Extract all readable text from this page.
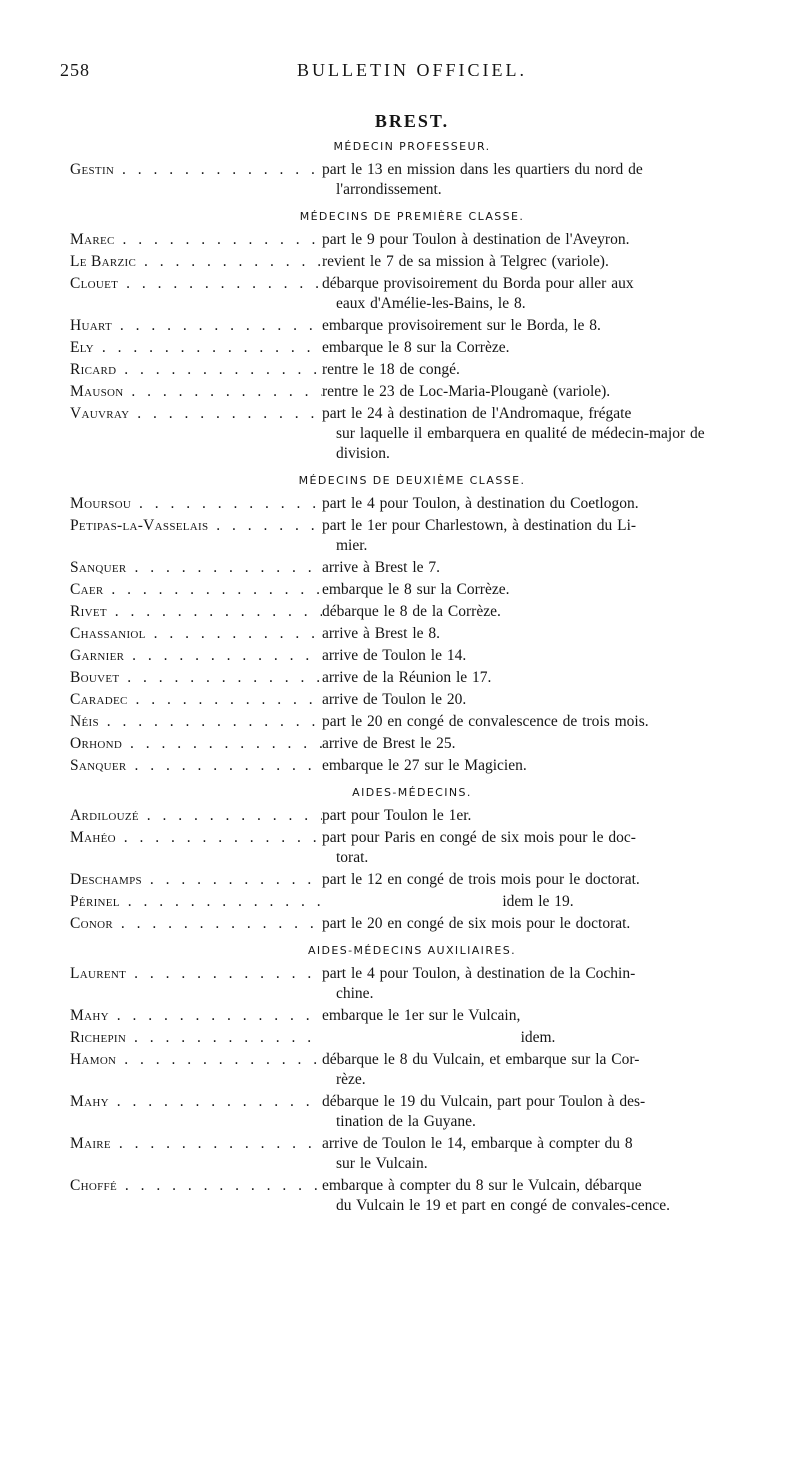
258	BULLETIN OFFICIEL.
BREST.
MÉDECIN PROFESSEUR.
Gestin . . .	part le 13 en mission dans les quartiers du nord de
l'arrondissement.
MÉDECINS DE PREMIÈRE CLASSE.
Marec . . .	part le 9 pour Toulon à destination de l'Aveyron.
Le Barzic . . .	revient le 7 de sa mission à Telgrec (variole).
Clouet . . .	débarque provisoirement du Borda pour aller aux
eaux d'Amélie-les-Bains, le 8.
Huart . . .	embarque provisoirement sur le Borda, le 8.
Ely . . .	embarque le 8 sur la Corrèze.
Ricard . . .	rentre le 18 de congé.
Mauson . . .	rentre le 23 de Loc-Maria-Plouganè (variole).
Vauvray . . .	part le 24 à destination de l'Andromaque, frégate
sur laquelle il embarquera en qualité de médecin-major de division.
MÉDECINS DE DEUXIÈME CLASSE.
Moursou . . .	part le 4 pour Toulon, à destination du Coetlogon.
Petipas-la-Vasselais . . .	part le 1er pour Charlestown, à destination du Li-
mier.
Sanquer . . .	arrive à Brest le 7.
Caer . . .	embarque le 8 sur la Corrèze.
Rivet . . .	débarque le 8 de la Corrèze.
Chassaniol . . .	arrive à Brest le 8.
Garnier . . .	arrive de Toulon le 14.
Bouvet . . .	arrive de la Réunion le 17.
Caradec . . .	arrive de Toulon le 20.
Néis . . .	part le 20 en congé de convalescence de trois mois.
Orhond . . .	arrive de Brest le 25.
Sanquer . . .	embarque le 27 sur le Magicien.
AIDES-MÉDECINS.
Ardilouzé . . .	part pour Toulon le 1er.
Mahéo . . .	part pour Paris en congé de six mois pour le doc-
torat.
Deschamps . . .	part le 12 en congé de trois mois pour le doctorat.
Périnel . . .	idem le 19.
Conor . . .	part le 20 en congé de six mois pour le doctorat.
AIDES-MÉDECINS AUXILIAIRES.
Laurent . . .	part le 4 pour Toulon, à destination de la Cochin-
chine.
Mahy . . .	embarque le 1er sur le Vulcain,
Richepin . . .	idem.
Hamon . . .	débarque le 8 du Vulcain, et embarque sur la Cor-
rèze.
Mahy . . .	débarque le 19 du Vulcain, part pour Toulon à des-
tination de la Guyane.
Maire . . .	arrive de Toulon le 14, embarque à compter du 8
sur le Vulcain.
Choffé . . .	embarque à compter du 8 sur le Vulcain, débarque
du Vulcain le 19 et part en congé de convales-cence.
